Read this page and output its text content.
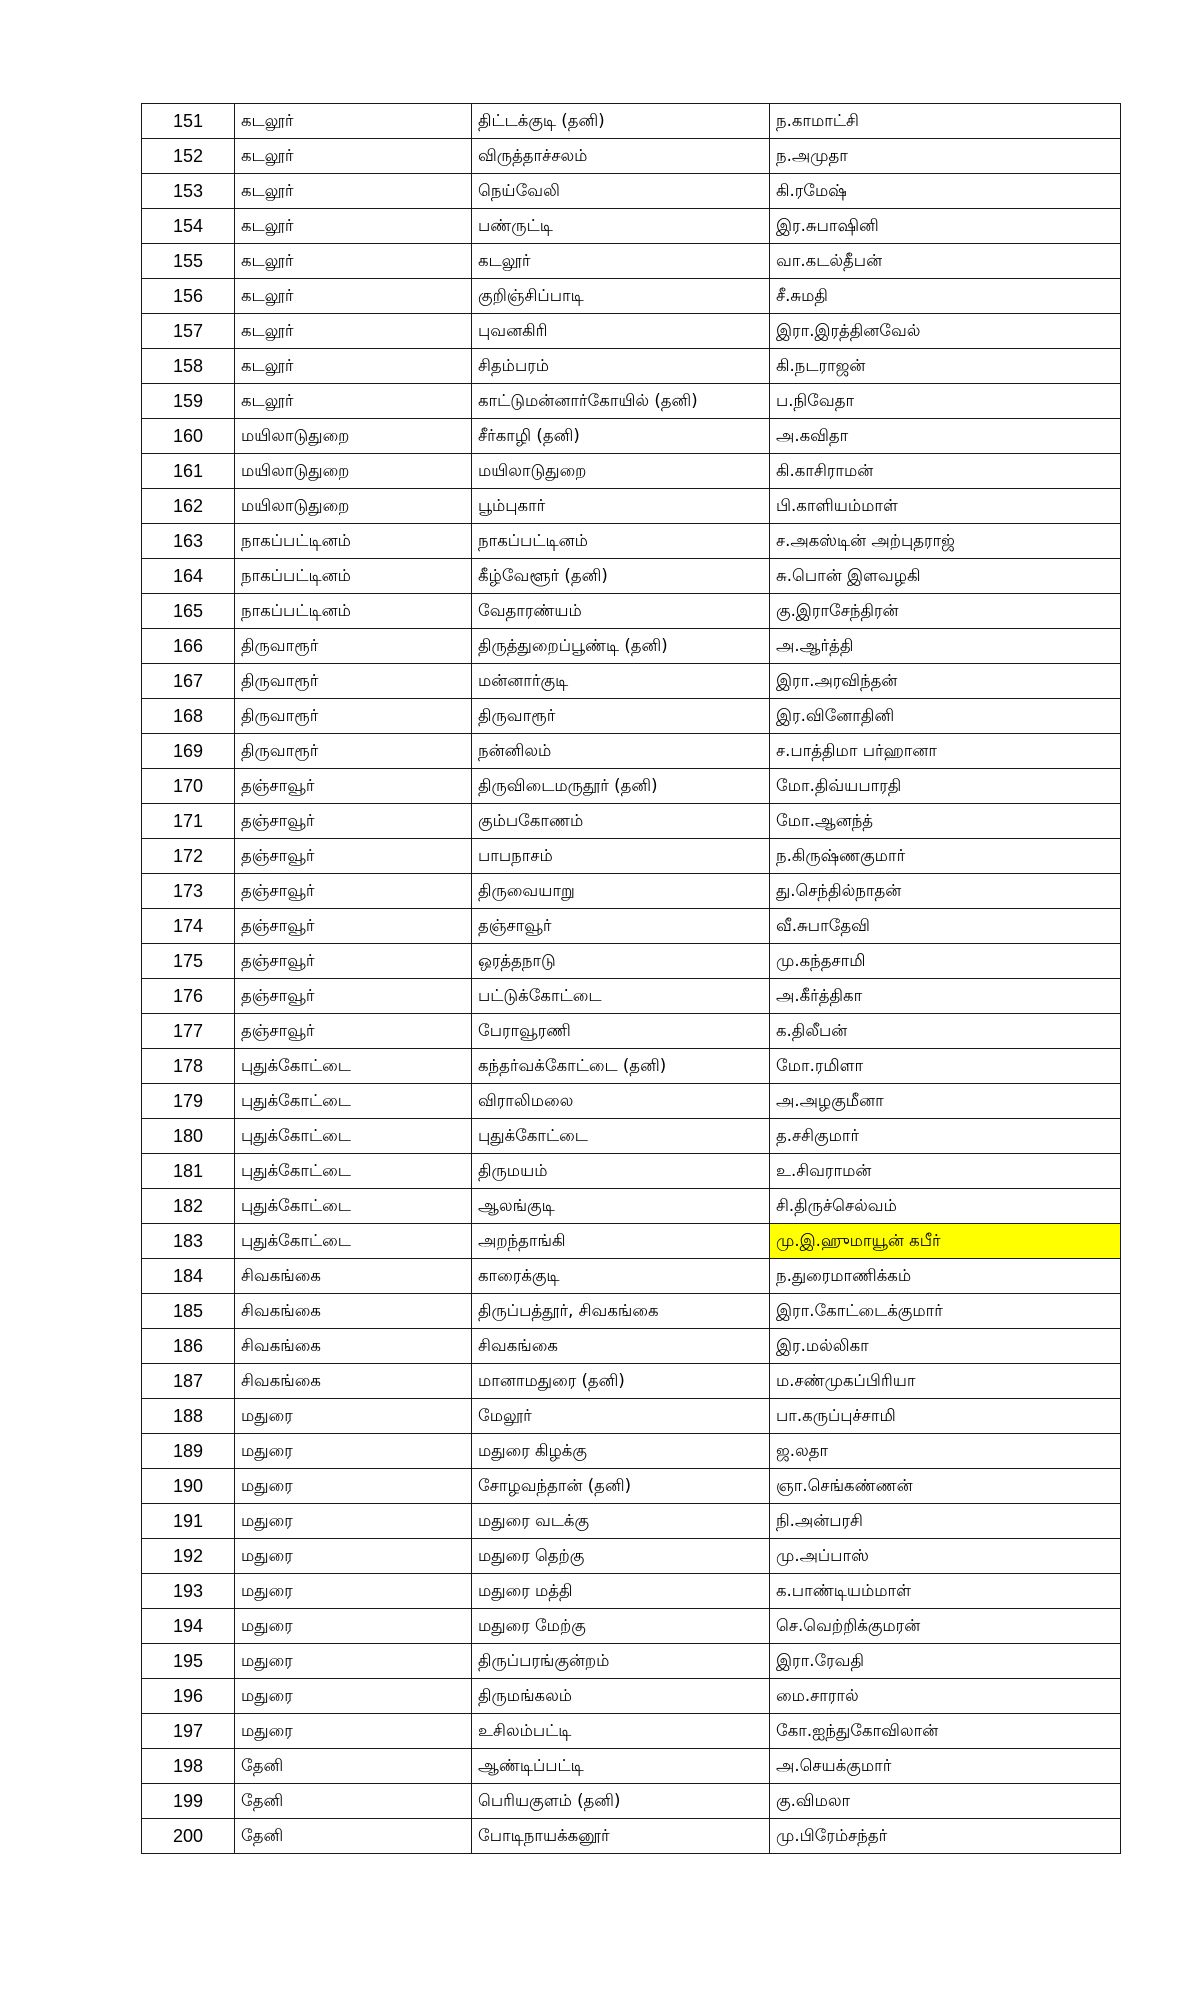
151	கடலூர்	திட்டக்குடி (தனி)	ந.காமாட்சி
152	கடலூர்	விருத்தாச்சலம்	ந.அமுதா
153	கடலூர்	நெய்வேலி	கி.ரமேஷ்
154	கடலூர்	பண்ருட்டி	இர.சுபாஷினி
155	கடலூர்	கடலூர்	வா.கடல்தீபன்
156	கடலூர்	குறிஞ்சிப்பாடி	சீ.சுமதி
157	கடலூர்	புவனகிரி	இரா.இரத்தினவேல்
158	கடலூர்	சிதம்பரம்	கி.நடராஜன்
159	கடலூர்	காட்டுமன்னார்கோயில் (தனி)	ப.நிவேதா
160	மயிலாடுதுறை	சீர்காழி (தனி)	அ.கவிதா
161	மயிலாடுதுறை	மயிலாடுதுறை	கி.காசிராமன்
162	மயிலாடுதுறை	பூம்புகார்	பி.காளியம்மாள்
163	நாகப்பட்டினம்	நாகப்பட்டினம்	ச.அகஸ்டின் அற்புதராஜ்
164	நாகப்பட்டினம்	கீழ்வேளூர் (தனி)	சு.பொன் இளவழகி
165	நாகப்பட்டினம்	வேதாரண்யம்	கு.இராசேந்திரன்
166	திருவாரூர்	திருத்துறைப்பூண்டி (தனி)	அ.ஆர்த்தி
167	திருவாரூர்	மன்னார்குடி	இரா.அரவிந்தன்
168	திருவாரூர்	திருவாரூர்	இர.வினோதினி
169	திருவாரூர்	நன்னிலம்	ச.பாத்திமா பர்ஹானா
170	தஞ்சாவூர்	திருவிடைமருதூர் (தனி)	மோ.திவ்யபாரதி
171	தஞ்சாவூர்	கும்பகோணம்	மோ.ஆனந்த்
172	தஞ்சாவூர்	பாபநாசம்	ந.கிருஷ்ணகுமார்
173	தஞ்சாவூர்	திருவையாறு	து.செந்தில்நாதன்
174	தஞ்சாவூர்	தஞ்சாவூர்	வீ.சுபாதேவி
175	தஞ்சாவூர்	ஒரத்தநாடு	மு.கந்தசாமி
176	தஞ்சாவூர்	பட்டுக்கோட்டை	அ.கீர்த்திகா
177	தஞ்சாவூர்	பேராவூரணி	க.திலீபன்
178	புதுக்கோட்டை	கந்தர்வக்கோட்டை (தனி)	மோ.ரமிளா
179	புதுக்கோட்டை	விராலிமலை	அ.அழகுமீனா
180	புதுக்கோட்டை	புதுக்கோட்டை	த.சசிகுமார்
181	புதுக்கோட்டை	திருமயம்	உ.சிவராமன்
182	புதுக்கோட்டை	ஆலங்குடி	சி.திருச்செல்வம்
183	புதுக்கோட்டை	அறந்தாங்கி	மு.இ.ஹுமாயூன் கபீர்
184	சிவகங்கை	காரைக்குடி	ந.துரைமாணிக்கம்
185	சிவகங்கை	திருப்பத்தூர், சிவகங்கை	இரா.கோட்டைக்குமார்
186	சிவகங்கை	சிவகங்கை	இர.மல்லிகா
187	சிவகங்கை	மானாமதுரை (தனி)	ம.சண்முகப்பிரியா
188	மதுரை	மேலூர்	பா.கருப்புச்சாமி
189	மதுரை	மதுரை கிழக்கு	ஜ.லதா
190	மதுரை	சோழவந்தான் (தனி)	ஞா.செங்கண்ணன்
191	மதுரை	மதுரை வடக்கு	நி.அன்பரசி
192	மதுரை	மதுரை தெற்கு	மு.அப்பாஸ்
193	மதுரை	மதுரை மத்தி	க.பாண்டியம்மாள்
194	மதுரை	மதுரை மேற்கு	செ.வெற்றிக்குமரன்
195	மதுரை	திருப்பரங்குன்றம்	இரா.ரேவதி
196	மதுரை	திருமங்கலம்	மை.சாரால்
197	மதுரை	உசிலம்பட்டி	கோ.ஐந்துகோவிலான்
198	தேனி	ஆண்டிப்பட்டி	அ.செயக்குமார்
199	தேனி	பெரியகுளம் (தனி)	கு.விமலா
200	தேனி	போடிநாயக்கனூர்	மு.பிரேம்சந்தர்
